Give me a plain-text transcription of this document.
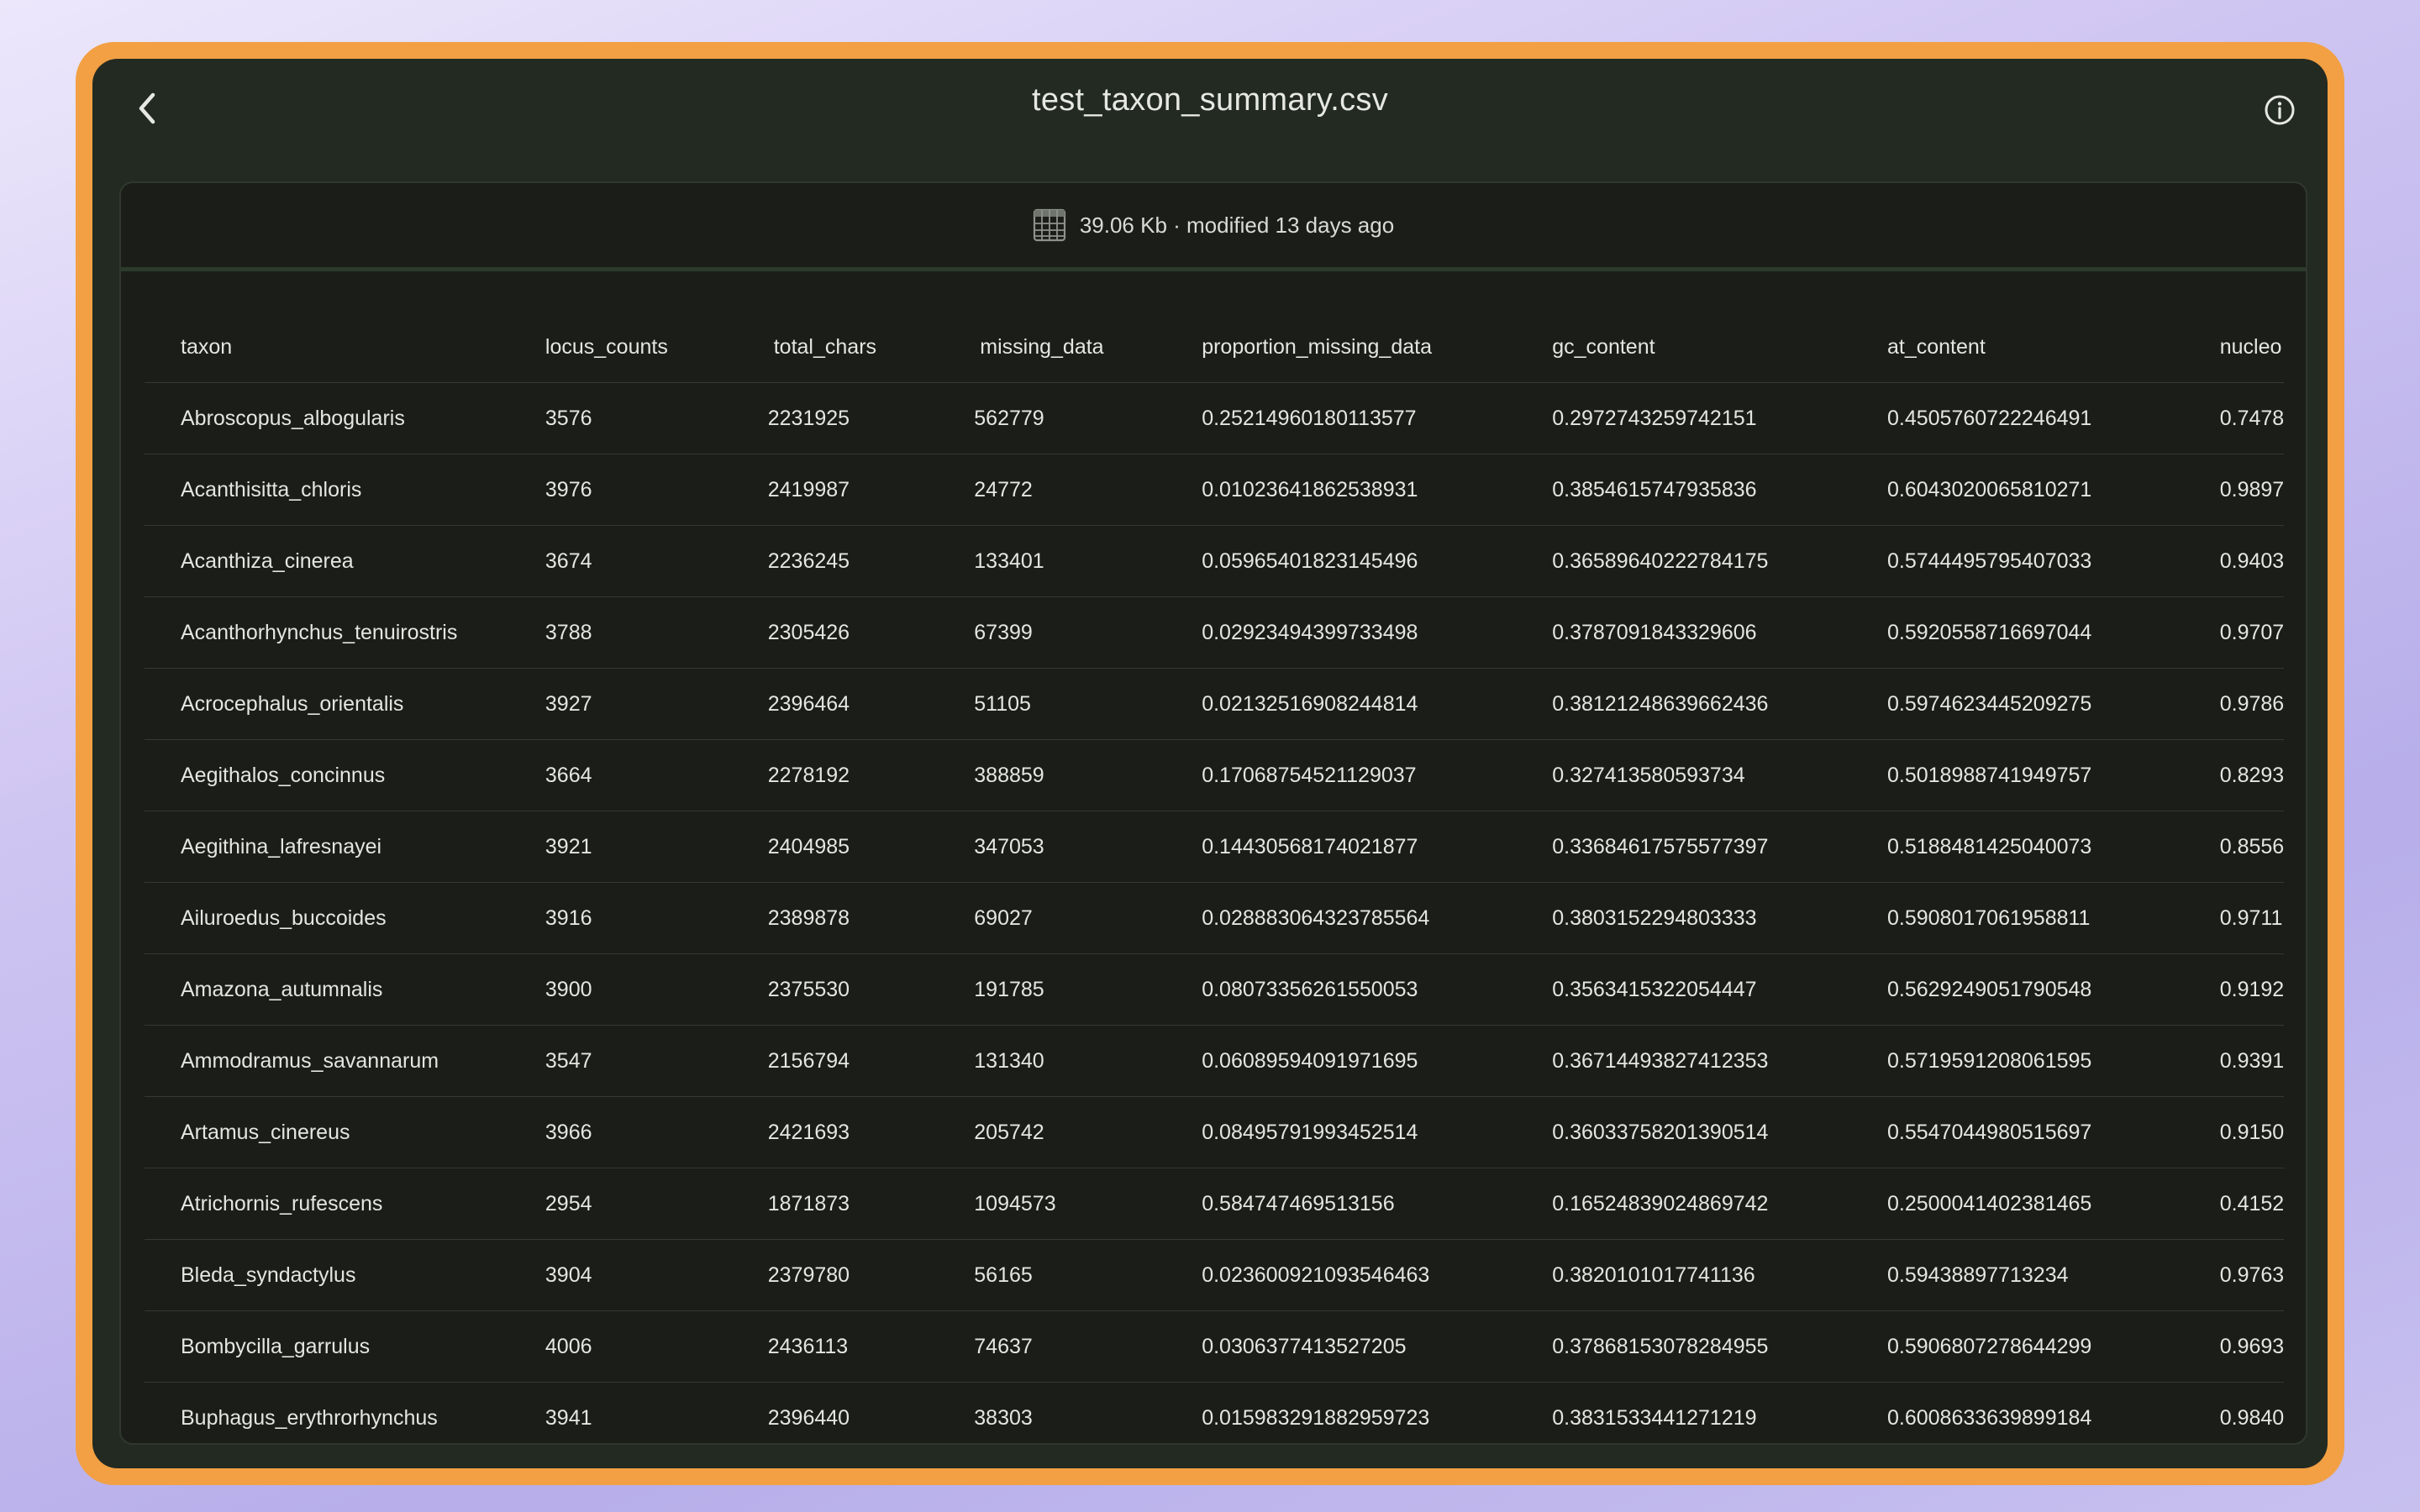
test_taxon_summary.csv
39.06 Kb · modified 13 days ago
taxon	locus_counts	total_chars	missing_data	proportion_missing_data	gc_content	at_content	nucleo
Abroscopus_albogularis	3576	2231925	562779	0.25214960180113577	0.2972743259742151	0.4505760722246491	0.7478
Acanthisitta_chloris	3976	2419987	24772	0.01023641862538931	0.3854615747935836	0.6043020065810271	0.9897
Acanthiza_cinerea	3674	2236245	133401	0.05965401823145496	0.36589640222784175	0.5744495795407033	0.9403
Acanthorhynchus_tenuirostris	3788	2305426	67399	0.02923494399733498	0.3787091843329606	0.5920558716697044	0.9707
Acrocephalus_orientalis	3927	2396464	51105	0.02132516908244814	0.38121248639662436	0.5974623445209275	0.9786
Aegithalos_concinnus	3664	2278192	388859	0.17068754521129037	0.327413580593734	0.5018988741949757	0.8293
Aegithina_lafresnayei	3921	2404985	347053	0.14430568174021877	0.33684617575577397	0.5188481425040073	0.8556
Ailuroedus_buccoides	3916	2389878	69027	0.028883064323785564	0.3803152294803333	0.5908017061958811	0.9711
Amazona_autumnalis	3900	2375530	191785	0.08073356261550053	0.3563415322054447	0.5629249051790548	0.9192
Ammodramus_savannarum	3547	2156794	131340	0.06089594091971695	0.36714493827412353	0.5719591208061595	0.9391
Artamus_cinereus	3966	2421693	205742	0.08495791993452514	0.36033758201390514	0.5547044980515697	0.9150
Atrichornis_rufescens	2954	1871873	1094573	0.584747469513156	0.16524839024869742	0.2500041402381465	0.4152
Bleda_syndactylus	3904	2379780	56165	0.023600921093546463	0.3820101017741136	0.59438897713234	0.9763
Bombycilla_garrulus	4006	2436113	74637	0.0306377413527205	0.37868153078284955	0.5906807278644299	0.9693
Buphagus_erythrorhynchus	3941	2396440	38303	0.015983291882959723	0.3831533441271219	0.6008633639899184	0.9840
